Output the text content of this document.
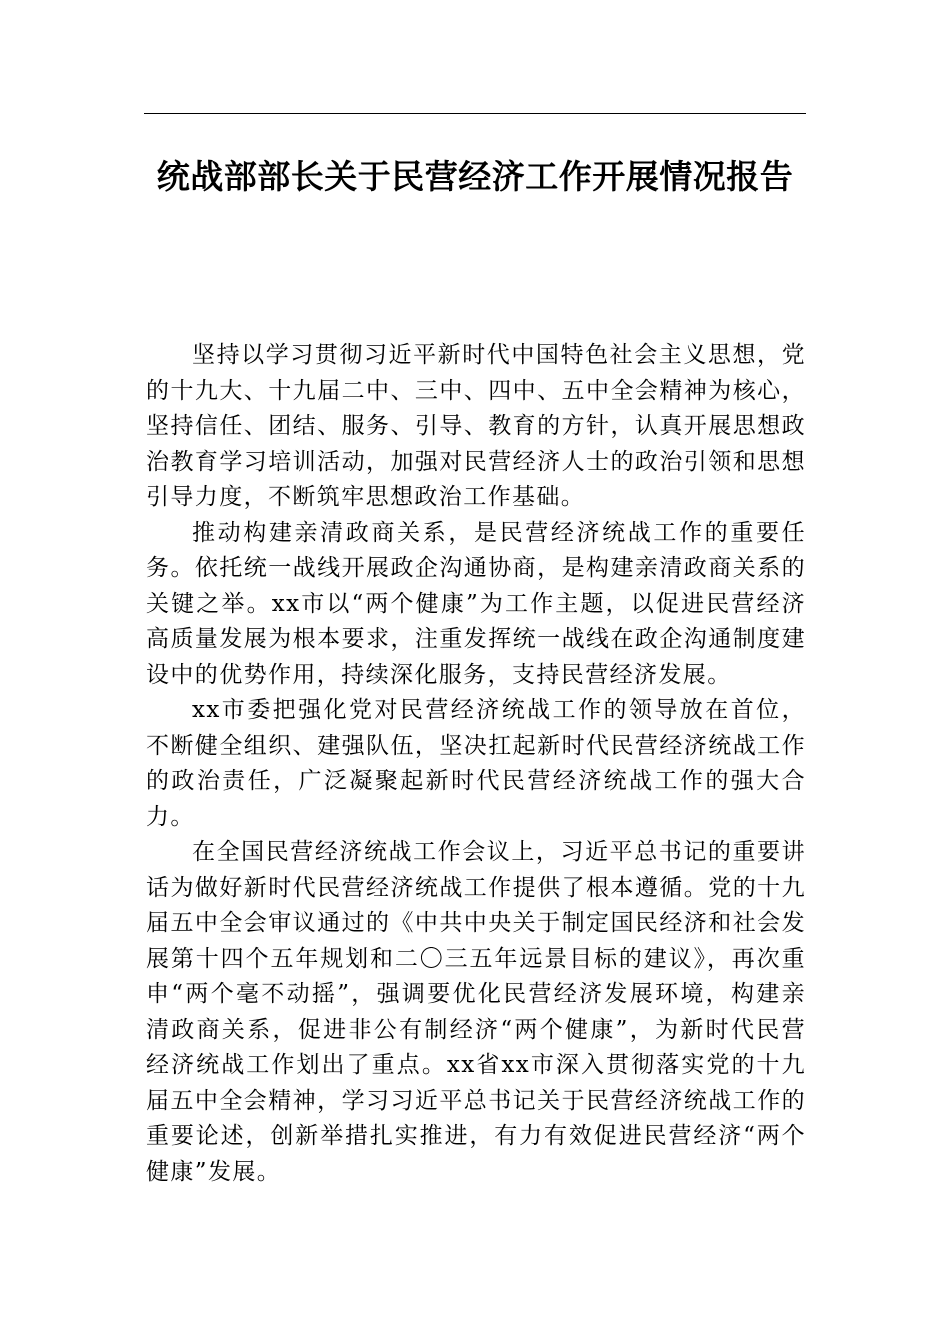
统战部部长关于民营经济工作开展情况报告

坚持以学习贯彻习近平新时代中国特色社会主义思想，党的十九大、十九届二中、三中、四中、五中全会精神为核心，坚持信任、团结、服务、引导、教育的方针，认真开展思想政治教育学习培训活动，加强对民营经济人士的政治引领和思想引导力度，不断筑牢思想政治工作基础。

推动构建亲清政商关系，是民营经济统战工作的重要任务。依托统一战线开展政企沟通协商，是构建亲清政商关系的关键之举。xx市以“两个健康”为工作主题，以促进民营经济高质量发展为根本要求，注重发挥统一战线在政企沟通制度建设中的优势作用，持续深化服务，支持民营经济发展。

xx市委把强化党对民营经济统战工作的领导放在首位，不断健全组织、建强队伍，坚决扛起新时代民营经济统战工作的政治责任，广泛凝聚起新时代民营经济统战工作的强大合力。

在全国民营经济统战工作会议上，习近平总书记的重要讲话为做好新时代民营经济统战工作提供了根本遵循。党的十九届五中全会审议通过的《中共中央关于制定国民经济和社会发展第十四个五年规划和二〇三五年远景目标的建议》，再次重申“两个毫不动摇”，强调要优化民营经济发展环境，构建亲清政商关系，促进非公有制经济“两个健康”，为新时代民营经济统战工作划出了重点。xx省xx市深入贯彻落实党的十九届五中全会精神，学习习近平总书记关于民营经济统战工作的重要论述，创新举措扎实推进，有力有效促进民营经济“两个健康”发展。
